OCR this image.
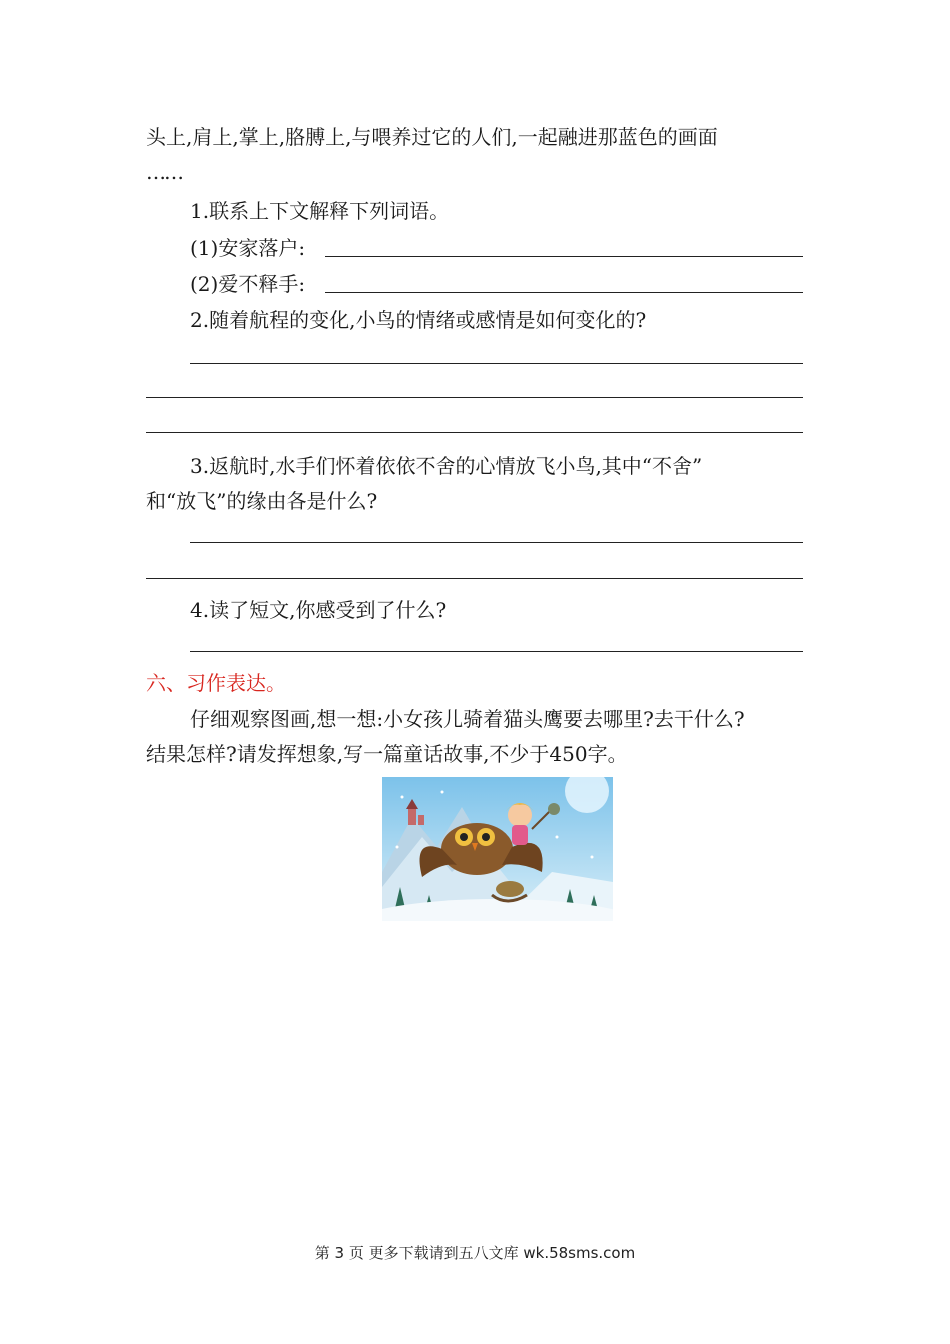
头上,肩上,掌上,胳膊上,与喂养过它的人们,一起融进那蓝色的画面
……
1.联系上下文解释下列词语。
(1)安家落户:
(2)爱不释手:
2.随着航程的变化,小鸟的情绪或感情是如何变化的?
3.返航时,水手们怀着依依不舍的心情放飞小鸟,其中“不舍”
和“放飞”的缘由各是什么?
4.读了短文,你感受到了什么?
六、习作表达。
仔细观察图画,想一想:小女孩儿骑着猫头鹰要去哪里?去干什么?
结果怎样?请发挥想象,写一篇童话故事,不少于450字。
第 3 页 更多下载请到五八文库 wk.58sms.com
